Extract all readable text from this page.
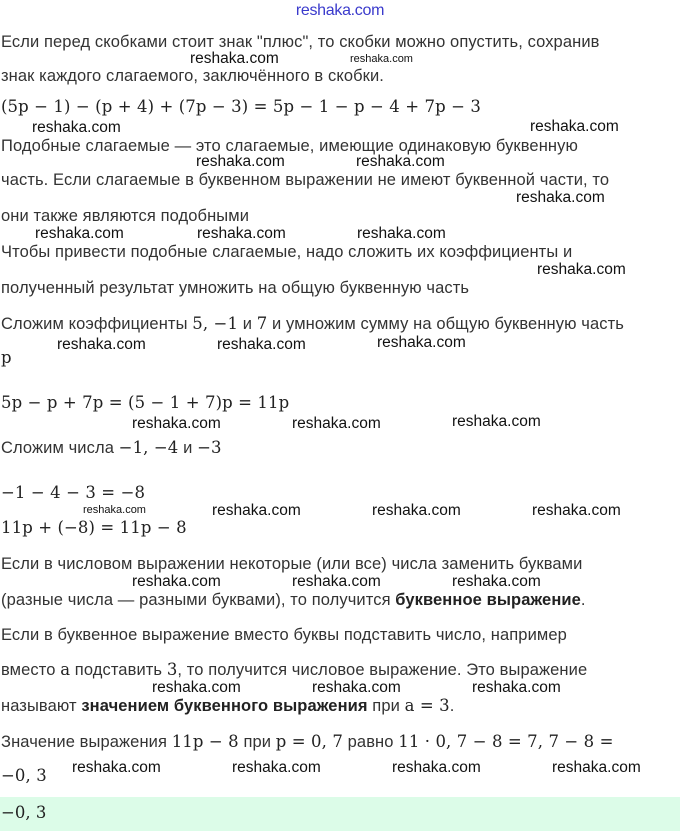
reshaka.com
Если перед скобками стоит знак "плюс", то скобки можно опустить, сохранив
знак каждого слагаемого, заключённого в скобки.
(5p − 1) − (p + 4) + (7p − 3) = 5p − 1 − p − 4 + 7p − 3
Подобные слагаемые — это слагаемые, имеющие одинаковую буквенную
часть. Если слагаемые в буквенном выражении не имеют буквенной части, то
они также являются подобными
Чтобы привести подобные слагаемые, надо сложить их коэффициенты и
полученный результат умножить на общую буквенную часть
Сложим коэффициенты 5, −1 и 7 и умножим сумму на общую буквенную часть
p
5p − p + 7p = (5 − 1 + 7)p = 11p
Сложим числа −1, −4 и −3
−1 − 4 − 3 = −8
11p + (−8) = 11p − 8
Если в числовом выражении некоторые (или все) числа заменить буквами
(разные числа — разными буквами), то получится буквенное выражение.
Если в буквенное выражение вместо буквы подставить число, например
вместо a подставить 3, то получится числовое выражение. Это выражение
называют значением буквенного выражения при a = 3.
Значение выражения 11p − 8 при p = 0, 7 равно 11 · 0, 7 − 8 = 7, 7 − 8 =
−0, 3
reshaka.com	reshaka.com
reshaka.com	reshaka.com
reshaka.com	reshaka.com
reshaka.com
reshaka.com	reshaka.com	reshaka.com
reshaka.com
reshaka.com	reshaka.com	reshaka.com
reshaka.com	reshaka.com	reshaka.com
reshaka.com	reshaka.com	reshaka.com	reshaka.com
reshaka.com	reshaka.com	reshaka.com
reshaka.com	reshaka.com	reshaka.com
reshaka.com	reshaka.com	reshaka.com	reshaka.com
−0, 3
